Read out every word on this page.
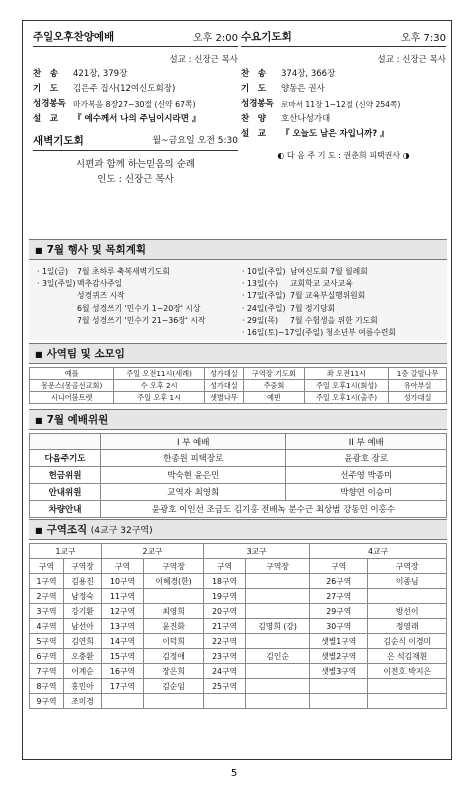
주일오후찬양예배	오후 2:00
설교 : 신장근 목사
찬　송	421장, 379장
기　도	김은주 집사(12여신도회장)
성경봉독 마가복음 8장27~30절 (신약 67쪽)
설　교	『 예수께서 나의 주님이시라면 』
새벽기도회	월~금요일 오전 5:30
시편과 함께 하는믿음의 순례
인도 : 신장근 목사
수요기도회	오후 7:30
설교 : 신장근 목사
찬　송	374장, 366장
기　도	양동은 권사
성경봉독 로마서 11장 1~12절 (신약 254쪽)
찬　양	호산나성가대
설　교	『 오늘도 남은 자입니까? 』
◐ 다 음 주 기 도 : 권춘희 피택권사 ◑
■ 7월 행사 및 목회계획
· 1일(금)	7월 초하루 축복새벽기도회
· 3일(주일) 맥추감사주일
성경퀴즈 시작
6월 성경쓰기 '민수기 1~20장' 시상
7월 성경쓰기 '민수기 21~36장' 시작
· 10일(주일) 남여신도회 7월 월례회
· 13일(수)	교회학교 교사교육
· 17일(주일) 7월 교육부실행위원회
· 24일(주일) 7월 정기당회
· 29일(목)	7월 수험생을 위한 기도회
· 16일(토)~17일(주일)
청소년부 여름수련회
■ 사역팀 및 소모임
예플	주일 오전11시(세례)	성가대실	구역장 기도회	좌 오전11시	1층 갈릴나무
몽운스(몽골선교회)	수 오후 2시	성가대실	주중회	주일 오후1시(회성)	유아부실
시니어붐트렛	주일 오후 1시	샛별나무	예빈	주일 오후1시(출주)	성가대실
■ 7월 예배위원
	I 부 예배	II 부 예배
다음주기도	한종원 피택장로	윤광호 장로
헌금위원	박숙현 윤은민	선주영 박종미
안내위원	교역자 최영희	박향연 이승미
차량안내	윤광호 이인선 조금도 김기홍 전배녹 분수근 최상범 강동민 이홍수	
■ 구역조직 (4교구 32구역)
1교구		2교구		3교구		4교구	
구역	구역장	구역	구역장	구역	구역장	구역	구역장
1구역	김용진	10구역	이혜경(한)	18구역		26구역	이종님
2구역	남정숙	11구역		19구역		27구역	
3구역	강기환	12구역	최영희	20구역		29구역	방선이
4구역	남선아	13구역	윤진화	21구역	김명희 (강)	30구역	정영래
5구역	김연희	14구역	이덕희	22구역		샛별1구역	김순식 이경미
6구역	오충환	15구역	김정애	23구역	김인순	샛별2구역	은 석김재흰
7구역	이계순	16구역	장은희	24구역		샛별3구역	이전호 박지은
8구역	홍민아	17구역	김순임	25구역			
9구역	조미경						
5
